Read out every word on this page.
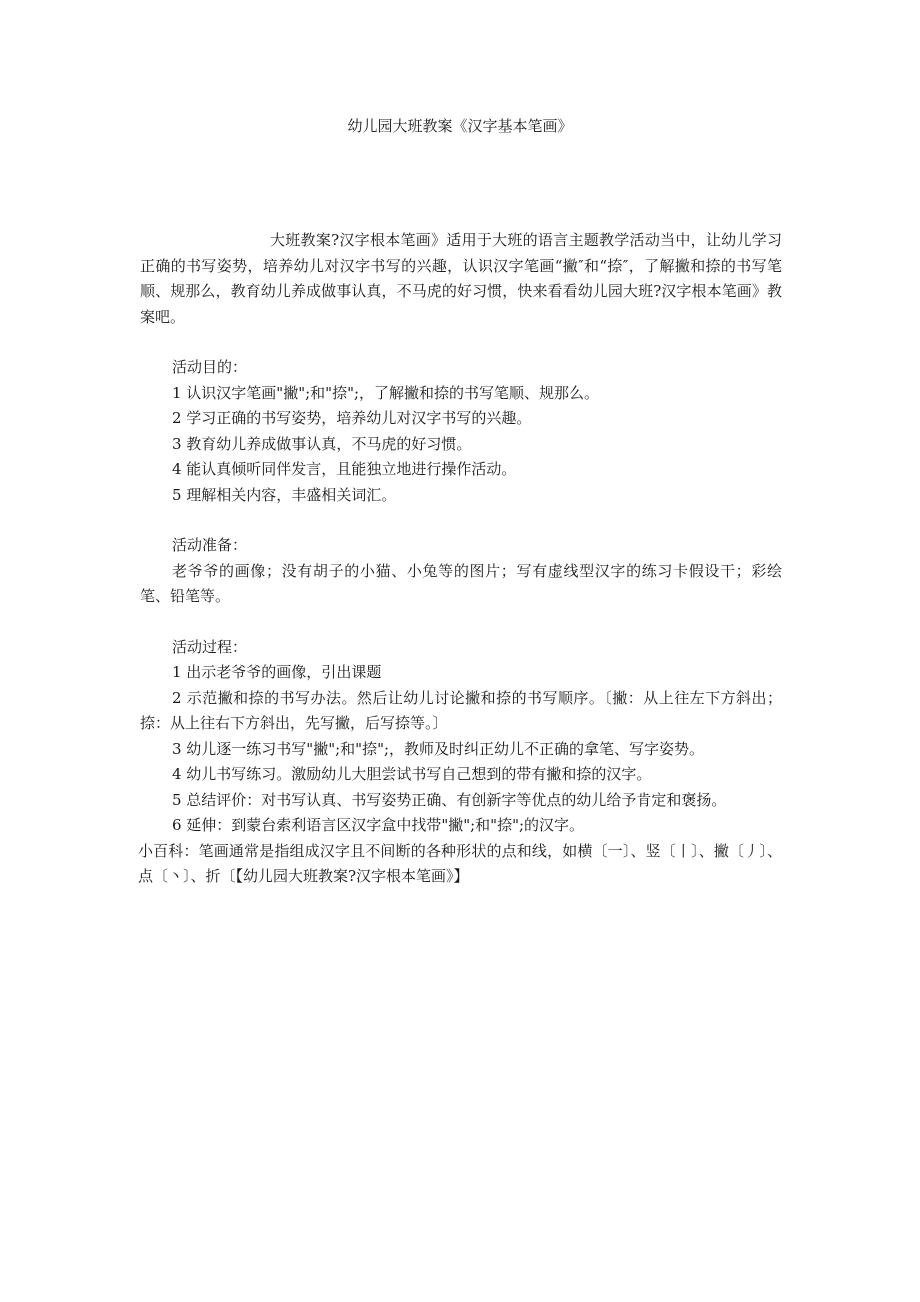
幼儿园大班教案《汉字基本笔画》

大班教案?汉字根本笔画》适用于大班的语言主题教学活动当中，让幼儿学习正确的书写姿势，培养幼儿对汉字书写的兴趣，认识汉字笔画“撇″和“捺″，了解撇和捺的书写笔顺、规那么，教育幼儿养成做事认真，不马虎的好习惯，快来看看幼儿园大班?汉字根本笔画》教案吧。

活动目的：

1 认识汉字笔画"撇";和"捺";，了解撇和捺的书写笔顺、规那么。

2 学习正确的书写姿势，培养幼儿对汉字书写的兴趣。

3 教育幼儿养成做事认真，不马虎的好习惯。

4 能认真倾听同伴发言，且能独立地进行操作活动。

5 理解相关内容，丰盛相关词汇。

活动准备：

老爷爷的画像；没有胡子的小猫、小兔等的图片；写有虚线型汉字的练习卡假设干；彩绘笔、铅笔等。

活动过程：

1 出示老爷爷的画像，引出课题

2 示范撇和捺的书写办法。然后让幼儿讨论撇和捺的书写顺序。〔撇：从上往左下方斜出；捺：从上往右下方斜出，先写撇，后写捺等。〕

3 幼儿逐一练习书写"撇";和"捺";，教师及时纠正幼儿不正确的拿笔、写字姿势。

4 幼儿书写练习。激励幼儿大胆尝试书写自己想到的带有撇和捺的汉字。

5 总结评价：对书写认真、书写姿势正确、有创新字等优点的幼儿给予肯定和褒扬。

6 延伸：到蒙台索利语言区汉字盒中找带"撇";和"捺";的汉字。

小百科：笔画通常是指组成汉字且不间断的各种形状的点和线，如横〔一〕、竖〔丨〕、撇〔丿〕、点〔丶〕、折〔【幼儿园大班教案?汉字根本笔画》】
